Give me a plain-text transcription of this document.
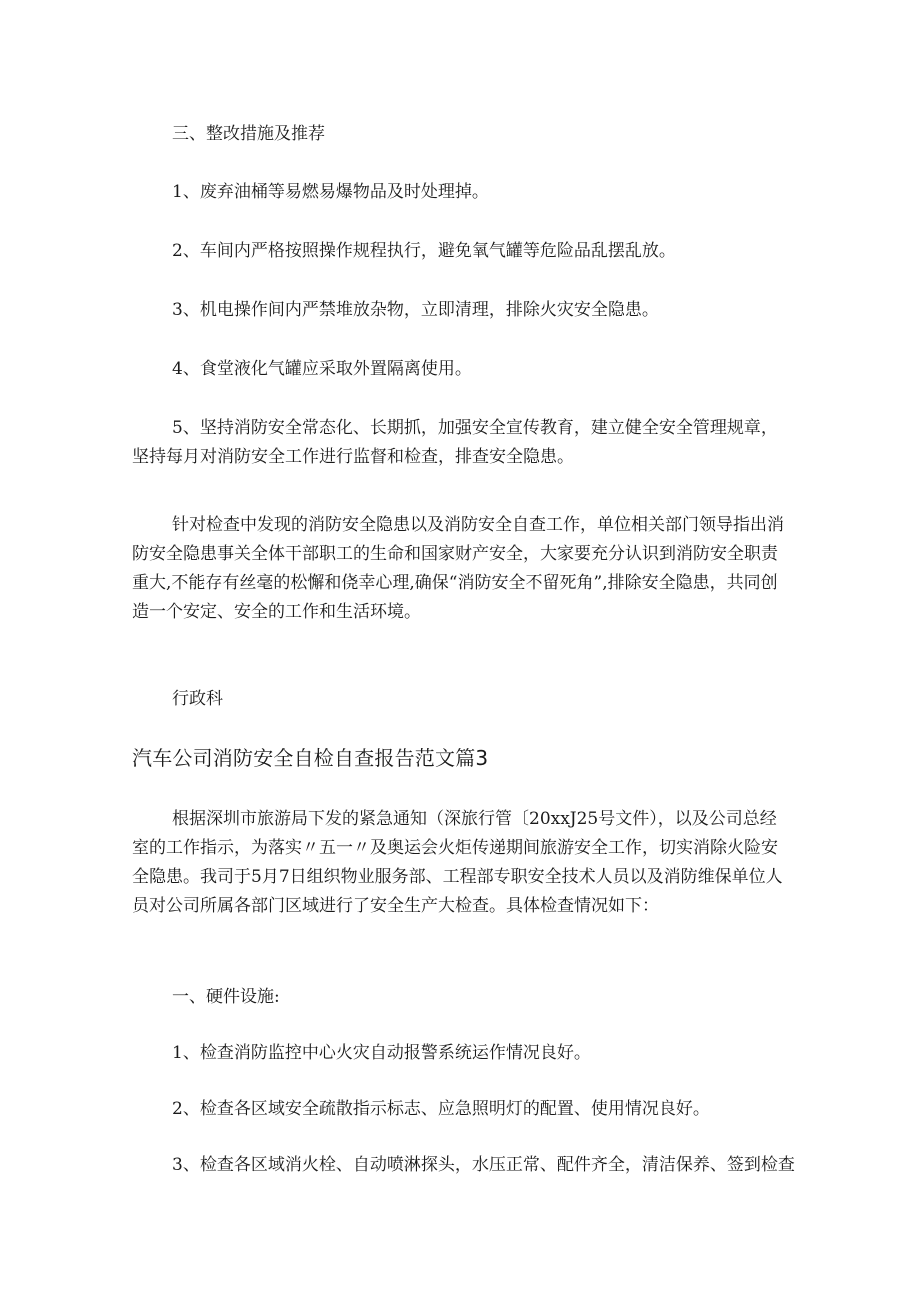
三、整改措施及推荐

1、废弃油桶等易燃易爆物品及时处理掉。

2、车间内严格按照操作规程执行，避免氧气罐等危险品乱摆乱放。

3、机电操作间内严禁堆放杂物，立即清理，排除火灾安全隐患。

4、食堂液化气罐应采取外置隔离使用。

5、坚持消防安全常态化、长期抓，加强安全宣传教育，建立健全安全管理规章，坚持每月对消防安全工作进行监督和检查，排查安全隐患。

针对检查中发现的消防安全隐患以及消防安全自查工作，单位相关部门领导指出消防安全隐患事关全体干部职工的生命和国家财产安全，大家要充分认识到消防安全职责重大,不能存有丝毫的松懈和侥幸心理,确保“消防安全不留死角”,排除安全隐患，共同创造一个安定、安全的工作和生活环境。

行政科

汽车公司消防安全自检自查报告范文篇3

根据深圳市旅游局下发的紧急通知（深旅行管〔20xxJ25号文件），以及公司总经室的工作指示，为落实〃五一〃及奥运会火炬传递期间旅游安全工作，切实消除火险安全隐患。我司于5月7日组织物业服务部、工程部专职安全技术人员以及消防维保单位人员对公司所属各部门区域进行了安全生产大检查。具体检查情况如下：

一、硬件设施:

1、检查消防监控中心火灾自动报警系统运作情况良好。

2、检查各区域安全疏散指示标志、应急照明灯的配置、使用情况良好。

3、检查各区域消火栓、自动喷淋探头，水压正常、配件齐全，清洁保养、签到检查
